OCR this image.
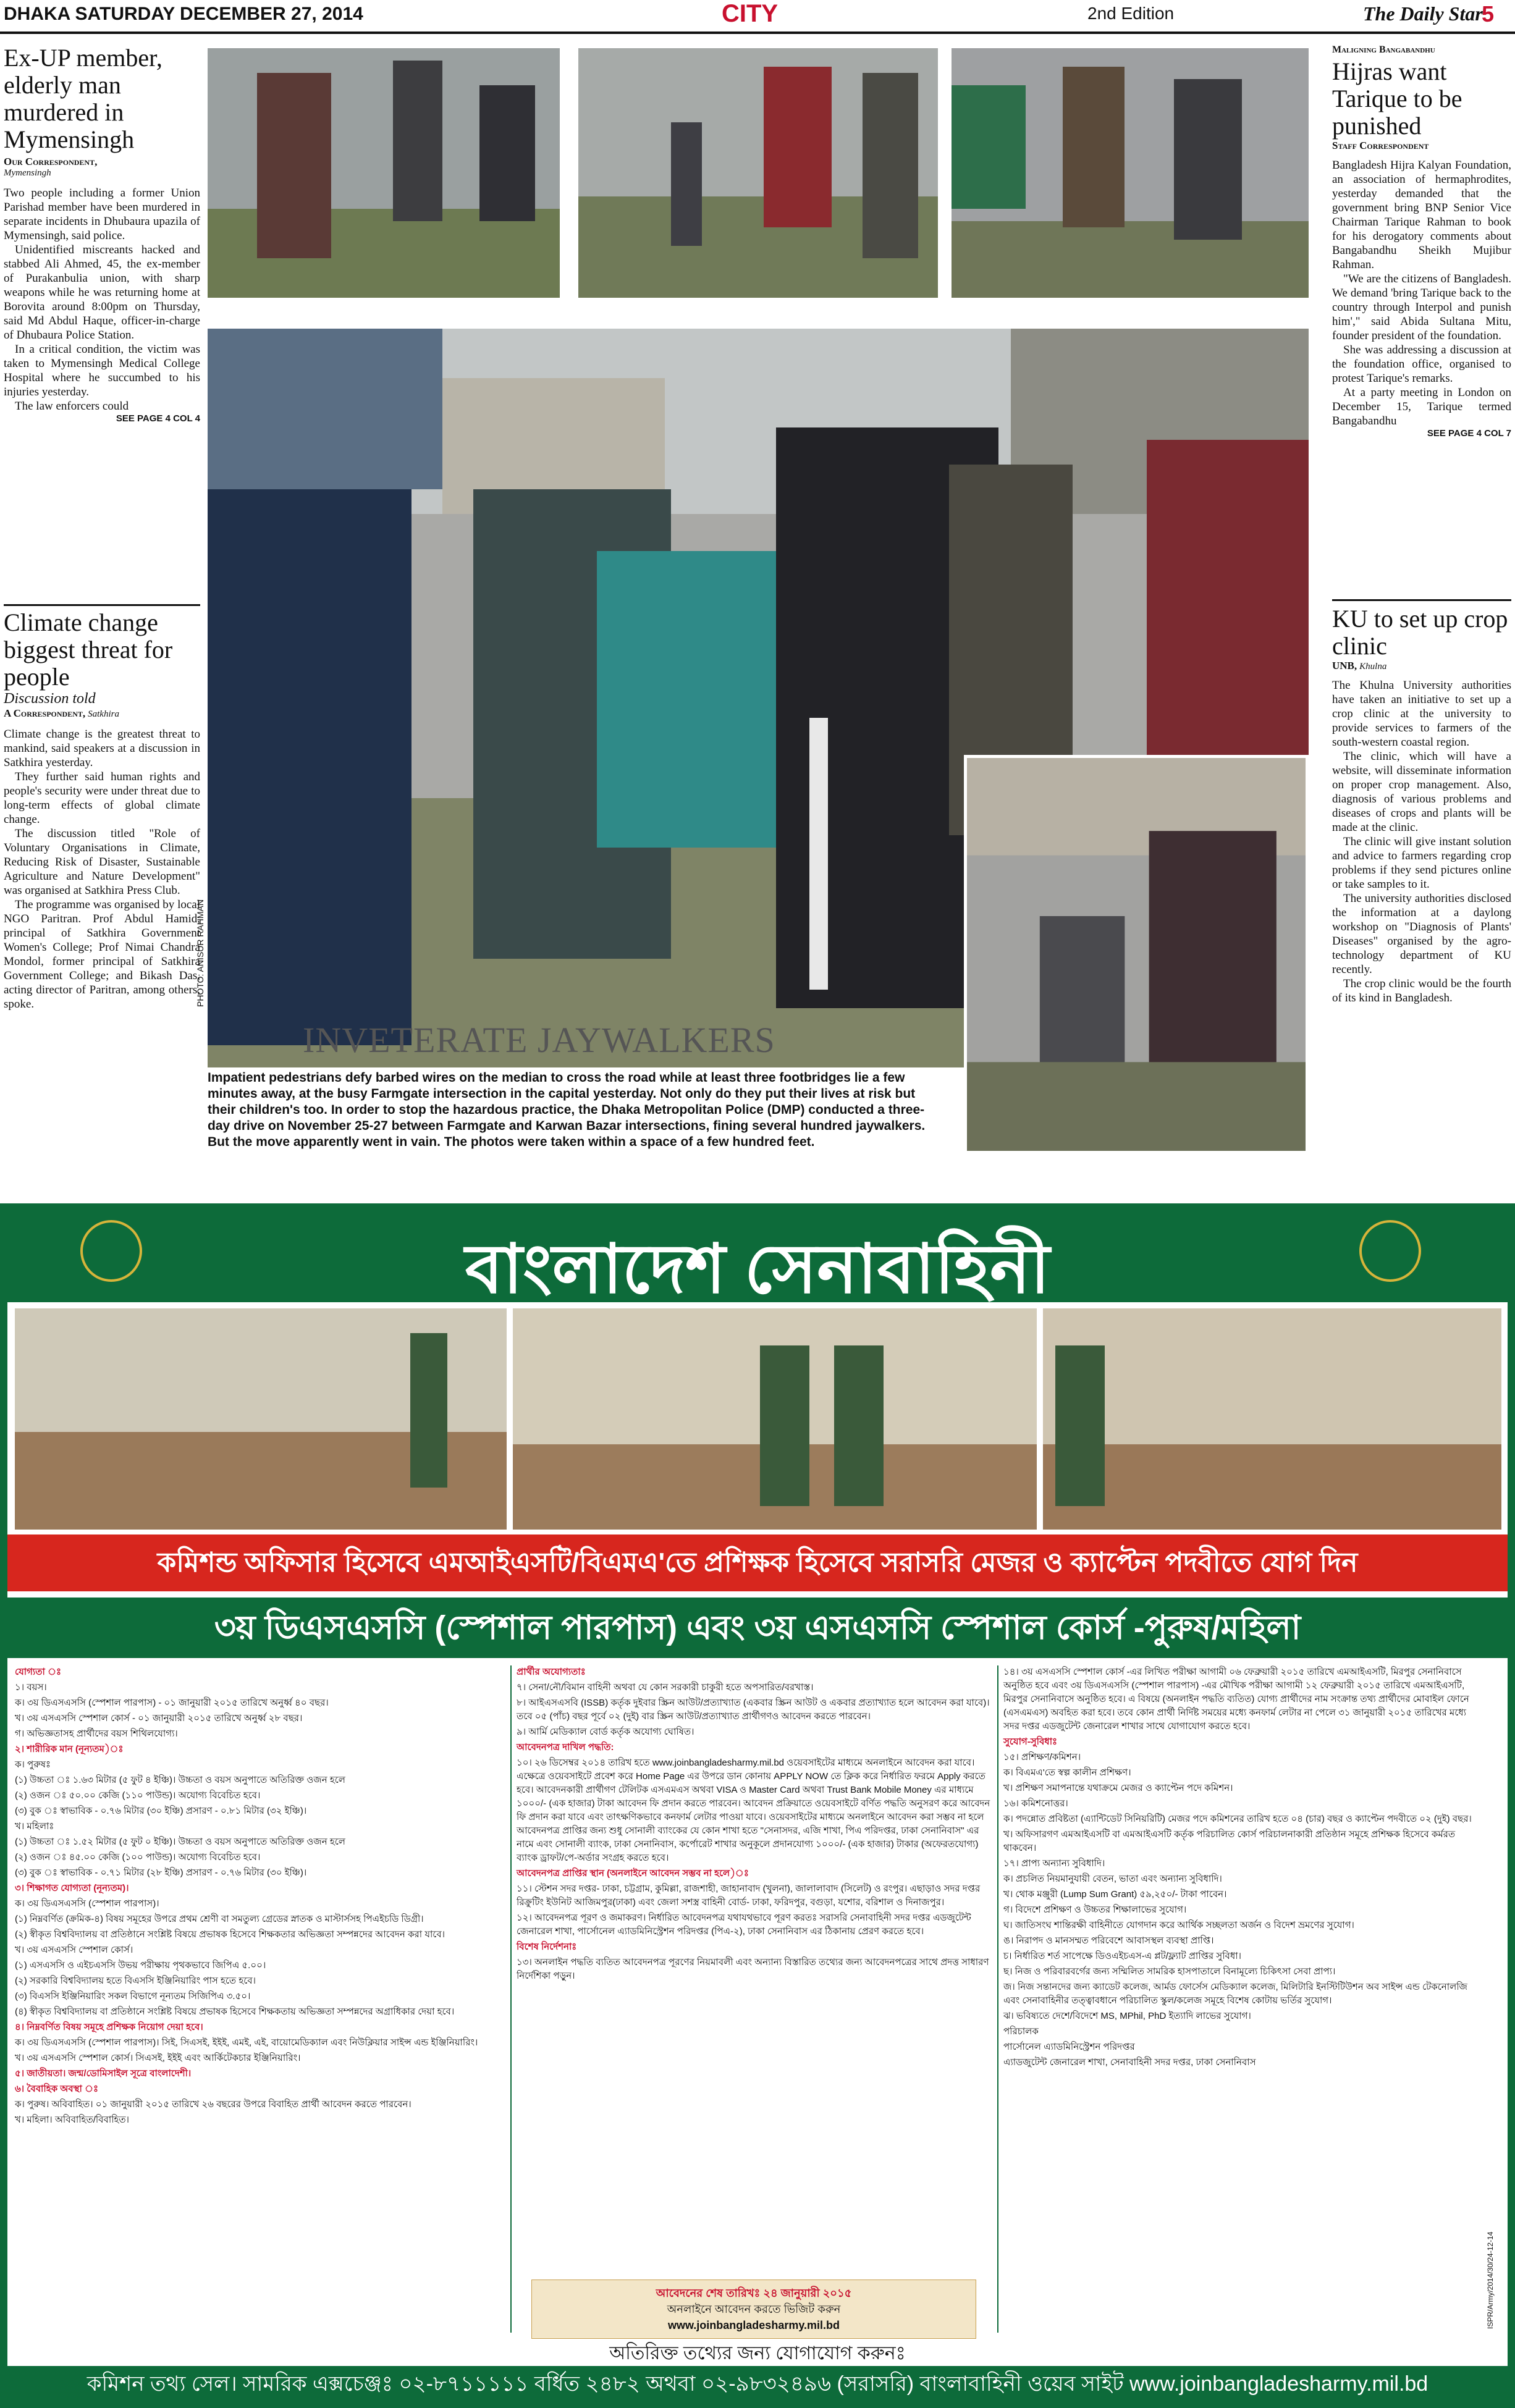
DHAKA SATURDAY DECEMBER 27, 2014	CITY	2nd Edition	The Daily Star
5
Ex-UP member, elderly man murdered in Mymensingh
Our Correspondent,
Mymensingh

Two people including a former Union Parishad member have been murdered in separate incidents in Dhubaura upazila of Mymensingh, said police.

Unidentified miscreants hacked and stabbed Ali Ahmed, 45, the ex-member of Purakanbulia union, with sharp weapons while he was returning home at Borovita around 8:00pm on Thursday, said Md Abdul Haque, officer-in-charge of Dhubaura Police Station.

In a critical condition, the victim was taken to Mymensingh Medical College Hospital where he succumbed to his injuries yesterday.

The law enforcers could

SEE PAGE 4 COL 4
Climate change biggest threat for people
Discussion told
A Correspondent, Satkhira

Climate change is the greatest threat to mankind, said speakers at a discussion in Satkhira yesterday.

They further said human rights and people's security were under threat due to long-term effects of global climate change.

The discussion titled "Role of Voluntary Organisations in Climate, Reducing Risk of Disaster, Sustainable Agriculture and Nature Development" was organised at Satkhira Press Club.

The programme was organised by local NGO Paritran. Prof Abdul Hamid, principal of Satkhira Government Women's College; Prof Nimai Chandra Mondol, former principal of Satkhira Government College; and Bikash Das, acting director of Paritran, among others, spoke.

Maligning Bangabandhu
Hijras want Tarique to be punished
Staff Correspondent

Bangladesh Hijra Kalyan Foundation, an association of hermaphrodites, yesterday demanded that the government bring BNP Senior Vice Chairman Tarique Rahman to book for his derogatory comments about Bangabandhu Sheikh Mujibur Rahman.

"We are the citizens of Bangladesh. We demand 'bring Tarique back to the country through Interpol and punish him'," said Abida Sultana Mitu, founder president of the foundation.

She was addressing a discussion at the foundation office, organised to protest Tarique's remarks.

At a party meeting in London on December 15, Tarique termed Bangabandhu

SEE PAGE 4 COL 7
KU to set up crop clinic
UNB, Khulna

The Khulna University authorities have taken an initiative to set up a crop clinic at the university to provide services to farmers of the south-western coastal region.

The clinic, which will have a website, will disseminate information on proper crop management. Also, diagnosis of various problems and diseases of crops and plants will be made at the clinic.

The clinic will give instant solution and advice to farmers regarding crop problems if they send pictures online or take samples to it.

The university authorities disclosed the information at a daylong workshop on "Diagnosis of Plants' Diseases" organised by the agro-technology department of KU recently.

The crop clinic would be the fourth of its kind in Bangladesh.

PHOTO: ANISUR RAHMAN
INVETERATE JAYWALKERS
Impatient pedestrians defy barbed wires on the median to cross the road while at least three footbridges lie a few minutes away, at the busy Farmgate intersection in the capital yesterday. Not only do they put their lives at risk but their children's too. In order to stop the hazardous practice, the Dhaka Metropolitan Police (DMP) conducted a three-day drive on November 25-27 between Farmgate and Karwan Bazar intersections, fining several hundred jaywalkers. But the move apparently went in vain. The photos were taken within a space of a few hundred feet.
বাংলাদেশ সেনাবাহিনী
কমিশন্ড অফিসার হিসেবে এমআইএসটি/বিএমএ'তে প্রশিক্ষক হিসেবে সরাসরি মেজর ও ক্যাপ্টেন পদবীতে যোগ দিন
৩য় ডিএসএসসি (স্পেশাল পারপাস) এবং ৩য় এসএসসি স্পেশাল কোর্স -পুরুষ/মহিলা
যোগ্যতা ঃ
১। বয়স।
ক। ৩য় ডিএসএসসি (স্পেশাল পারপাস) - ০১ জানুয়ারী ২০১৫ তারিখে অনুর্ধ্ব ৪০ বছর।
খ। ৩য় এসএসসি স্পেশাল কোর্স - ০১ জানুয়ারী ২০১৫ তারিখে অনুর্ধ্ব ২৮ বছর।
গ। অভিজ্ঞতাসহ প্রার্থীদের বয়স শিথিলযোগ্য।
২। শারীরিক মান (নূন্যতম)ঃ
ক। পুরুষঃ
(১) উচ্চতা ঃ ১.৬৩ মিটার (৫ ফুট ৪ ইঞ্চি)। উচ্চতা ও বয়স অনুপাতে অতিরিক্ত ওজন হলে
(২) ওজন ঃ ৫০.০০ কেজি (১১০ পাউন্ড)। অযোগ্য বিবেচিত হবে।
(৩) বুক ঃ স্বাভাবিক - ০.৭৬ মিটার (৩০ ইঞ্চি) প্রসারণ - ০.৮১ মিটার (৩২ ইঞ্চি)।
খ। মহিলাঃ
(১) উচ্চতা ঃ ১.৫২ মিটার (৫ ফুট ০ ইঞ্চি)। উচ্চতা ও বয়স অনুপাতে অতিরিক্ত ওজন হলে
(২) ওজন ঃ ৪৫.০০ কেজি (১০০ পাউন্ড)। অযোগ্য বিবেচিত হবে।
(৩) বুক ঃ স্বাভাবিক - ০.৭১ মিটার (২৮ ইঞ্চি) প্রসারণ - ০.৭৬ মিটার (৩০ ইঞ্চি)।
৩। শিক্ষাগত যোগ্যতা (নূন্যতম)।
ক। ৩য় ডিএসএসসি (স্পেশাল পারপাস)।
(১) নিম্নবর্ণিত (ক্রমিক-৪) বিষয় সমূহের উপরে প্রথম শ্রেণী বা সমতুল্য গ্রেডের স্নাতক ও মাস্টার্সসহ পিএইচডি ডিগ্রী।
(২) স্বীকৃত বিশ্ববিদ্যালয় বা প্রতিষ্ঠানে সংশ্লিষ্ট বিষয়ে প্রভাষক হিসেবে শিক্ষকতার অভিজ্ঞতা সম্পন্নদের আবেদন করা যাবে।
খ। ৩য় এসএসসি স্পেশাল কোর্স।
(১) এসএসসি ও এইচএসসি উভয় পরীক্ষায় পৃথকভাবে জিপিএ ৫.০০।
(২) সরকারি বিশ্ববিদ্যালয় হতে বিএসসি ইঞ্জিনিয়ারিং পাস হতে হবে।
(৩) বিএসসি ইঞ্জিনিয়ারিং সকল বিভাগে নূন্যতম সিজিপিএ ৩.৫০।
(৪) স্বীকৃত বিশ্ববিদ্যালয় বা প্রতিষ্ঠানে সংশ্লিষ্ট বিষয়ে প্রভাষক হিসেবে শিক্ষকতায় অভিজ্ঞতা সম্পন্নদের অগ্রাধিকার দেয়া হবে।
৪। নিম্নবর্ণিত বিষয় সমূহে প্রশিক্ষক নিয়োগ দেয়া হবে।
ক। ৩য় ডিএসএসসি (স্পেশাল পারপাস)। সিই, সিএসই, ইইই, এমই, এই, বায়োমেডিক্যাল এবং নিউক্লিয়ার সাইন্স এন্ড ইঞ্জিনিয়ারিং।
খ। ৩য় এসএসসি স্পেশাল কোর্স। সিএসই, ইইই এবং আর্কিটেকচার ইঞ্জিনিয়ারিং।
৫। জাতীয়তা। জন্ম/ডোমিসাইল সূত্রে বাংলাদেশী।
৬। বৈবাহিক অবস্থা ঃ
ক। পুরুষ। অবিবাহিত। ০১ জানুয়ারী ২০১৫ তারিখে ২৬ বছরের উপরে বিবাহিত প্রার্থী আবেদন করতে পারবেন।
খ। মহিলা। অবিবাহিত/বিবাহিত।
প্রার্থীর অযোগ্যতাঃ
৭। সেনা/নৌ/বিমান বাহিনী অথবা যে কোন সরকারী চাকুরী হতে অপসারিত/বরখাস্ত।
৮। আইএসএসবি (ISSB) কর্তৃক দুইবার স্ক্রিন আউট/প্রত্যাখ্যাত (একবার স্ক্রিন আউট ও একবার প্রত্যাখ্যাত হলে আবেদন করা যাবে)। তবে ০৫ (পাঁচ) বছর পূর্বে ০২ (দুই) বার স্ক্রিন আউট/প্রত্যাখ্যাত প্রার্থীগণও আবেদন করতে পারবেন।
৯। আর্মি মেডিক্যাল বোর্ড কর্তৃক অযোগ্য ঘোষিত।
আবেদনপত্র দাখিল পদ্ধতি:
১০। ২৬ ডিসেম্বর ২০১৪ তারিখ হতে www.joinbangladesharmy.mil.bd ওয়েবসাইটের মাধ্যমে অনলাইনে আবেদন করা যাবে। এক্ষেত্রে ওয়েবসাইটে প্রবেশ করে Home Page এর উপরে ডান কোনায় APPLY NOW তে ক্লিক করে নির্ধারিত ফরমে Apply করতে হবে। আবেদনকারী প্রার্থীগণ টেলিটক এসএমএস অথবা VISA ও Master Card অথবা Trust Bank Mobile Money এর মাধ্যমে ১০০০/- (এক হাজার) টাকা আবেদন ফি প্রদান করতে পারবেন। আবেদন প্রক্রিয়াতে ওয়েবসাইটে বর্ণিত পদ্ধতি অনুসরণ করে আবেদন ফি প্রদান করা যাবে এবং তাৎক্ষণিকভাবে কনফার্ম লেটার পাওয়া যাবে। ওয়েবসাইটের মাধ্যমে অনলাইনে আবেদন করা সম্ভব না হলে আবেদনপত্র প্রাপ্তির জন্য শুধু সোনালী ব্যাংকের যে কোন শাখা হতে "সেনাসদর, এজি শাখা, পিএ পরিদপ্তর, ঢাকা সেনানিবাস" এর নামে এবং সোনালী ব্যাংক, ঢাকা সেনানিবাস, কর্পোরেট শাখার অনুকূলে প্রদানযোগ্য ১০০০/- (এক হাজার) টাকার (অফেরতযোগ্য) ব্যাংক ড্রাফট/পে-অর্ডার সংগ্রহ করতে হবে।
আবেদনপত্র প্রাপ্তির স্থান (অনলাইনে আবেদন সম্ভব না হলে)ঃ
১১। স্টেশন সদর দপ্তর- ঢাকা, চট্টগ্রাম, কুমিল্লা, রাজশাহী, জাহানাবাদ (খুলনা), জালালাবাদ (সিলেট) ও রংপুর। এছাড়াও সদর দপ্তর রিক্রুটিং ইউনিট আজিমপুর(ঢাকা) এবং জেলা সশস্ত্র বাহিনী বোর্ড- ঢাকা, ফরিদপুর, বগুড়া, যশোর, বরিশাল ও দিনাজপুর।
১২। আবেদনপত্র পূরণ ও জমাকরণ। নির্ধারিত আবেদনপত্র যথাযথভাবে পূরণ করতঃ সরাসরি সেনাবাহিনী সদর দপ্তর এডজুটেন্ট জেনারেল শাখা, পার্সোনেল এ্যাডমিনিস্ট্রেশন পরিদপ্তর (পিএ-২), ঢাকা সেনানিবাস এর ঠিকানায় প্রেরণ করতে হবে।
বিশেষ নির্দেশনাঃ
১৩। অনলাইন পদ্ধতি ব্যতিত আবেদনপত্র পূরণের নিয়মাবলী এবং অন্যান্য বিস্তারিত তথ্যের জন্য আবেদনপত্রের সাথে প্রদত্ত সাধারণ নির্দেশিকা পড়ুন।
১৪। ৩য় এসএসসি স্পেশাল কোর্স -এর লিখিত পরীক্ষা আগামী ০৬ ফেব্রুয়ারী ২০১৫ তারিখে এমআইএসটি, মিরপুর সেনানিবাসে অনুষ্ঠিত হবে এবং ৩য় ডিএসএসসি (স্পেশাল পারপাস) -এর মৌখিক পরীক্ষা আগামী ১২ ফেব্রুয়ারী ২০১৫ তারিখে এমআইএসটি, মিরপুর সেনানিবাসে অনুষ্ঠিত হবে। এ বিষয়ে (অনলাইন পদ্ধতি ব্যতিত) যোগ্য প্রার্থীদের নাম সংক্রান্ত তথ্য প্রার্থীদের মোবাইল ফোনে (এসএমএস) অবহিত করা হবে। তবে কোন প্রার্থী নির্দিষ্ট সময়ের মধ্যে কনফার্ম লেটার না পেলে ৩১ জানুয়ারী ২০১৫ তারিখের মধ্যে সদর দপ্তর এডজুটেন্ট জেনারেল শাখার সাথে যোগাযোগ করতে হবে।
সুযোগ-সুবিধাঃ
১৫। প্রশিক্ষণ/কমিশন।
ক। বিএমএ'তে স্বল্প কালীন প্রশিক্ষণ।
খ। প্রশিক্ষণ সমাপনান্তে যথাক্রমে মেজর ও ক্যাপ্টেন পদে কমিশন।
১৬। কমিশনোত্তর।
ক। পদন্নোত প্রবিষ্টতা (এ্যান্টিডেট সিনিয়রিটি) মেজর পদে কমিশনের তারিখ হতে ০৪ (চার) বছর ও ক্যাপ্টেন পদবীতে ০২ (দুই) বছর।
খ। অফিসারগণ এমআইএসটি বা এমআইএসটি কর্তৃক পরিচালিত কোর্স পরিচালনাকারী প্রতিষ্ঠান সমূহে প্রশিক্ষক হিসেবে কর্মরত থাকবেন।
১৭। প্রাপ্য অন্যান্য সুবিধাদি।
ক। প্রচলিত নিয়মানুযায়ী বেতন, ভাতা এবং অন্যান্য সুবিধাদি।
খ। থোক মঞ্জুরী (Lump Sum Grant) ৫৯,২৫০/- টাকা পাবেন।
গ। বিদেশে প্রশিক্ষণ ও উচ্চতর শিক্ষালাভের সুযোগ।
ঘ। জাতিসংঘ শান্তিরক্ষী বাহিনীতে যোগদান করে আর্থিক সচ্ছলতা অর্জন ও বিদেশ ভ্রমণের সুযোগ।
ঙ। নিরাপদ ও মানসম্মত পরিবেশে আবাসস্থল ব্যবস্থা প্রাপ্তি।
চ। নির্ধারিত শর্ত সাপেক্ষে ডিওএইচএস-এ প্লট/ফ্ল্যাট প্রাপ্তির সুবিধা।
ছ। নিজ ও পরিবারবর্গের জন্য সম্মিলিত সামরিক হাসপাতালে বিনামূল্যে চিকিৎসা সেবা প্রাপ্য।
জ। নিজ সন্তানদের জন্য ক্যাডেট কলেজ, আর্মড ফোর্সেস মেডিক্যাল কলেজ, মিলিটারি ইনস্টিটিউশন অব সাইন্স এন্ড টেকনোলজি এবং সেনাবাহিনীর তত্ত্বাবধানে পরিচালিত স্কুল/কলেজ সমূহে বিশেষ কোটায় ভর্তির সুযোগ।
ঝ। ভবিষ্যতে দেশে/বিদেশে MS, MPhil, PhD ইত্যাদি লাভের সুযোগ।
পরিচালক
পার্সোনেল এ্যাডমিনিস্ট্রেশন পরিদপ্তর
এ্যাডজুটেন্ট জেনারেল শাখা, সেনাবাহিনী সদর দপ্তর, ঢাকা সেনানিবাস
ISPR/Army/2014/30/24-12-14
আবেদনের শেষ তারিখঃ ২৪ জানুয়ারী ২০১৫
অনলাইনে আবেদন করতে ভিজিট করুন
www.joinbangladesharmy.mil.bd
অতিরিক্ত তথ্যের জন্য যোগাযোগ করুনঃ
কমিশন তথ্য সেল। সামরিক এক্সচেঞ্জঃ ০২-৮৭১১১১১ বর্ধিত ২৪৮২ অথবা ০২-৯৮৩২৪৯৬ (সরাসরি) বাংলাবাহিনী ওয়েব সাইট www.joinbangladesharmy.mil.bd
